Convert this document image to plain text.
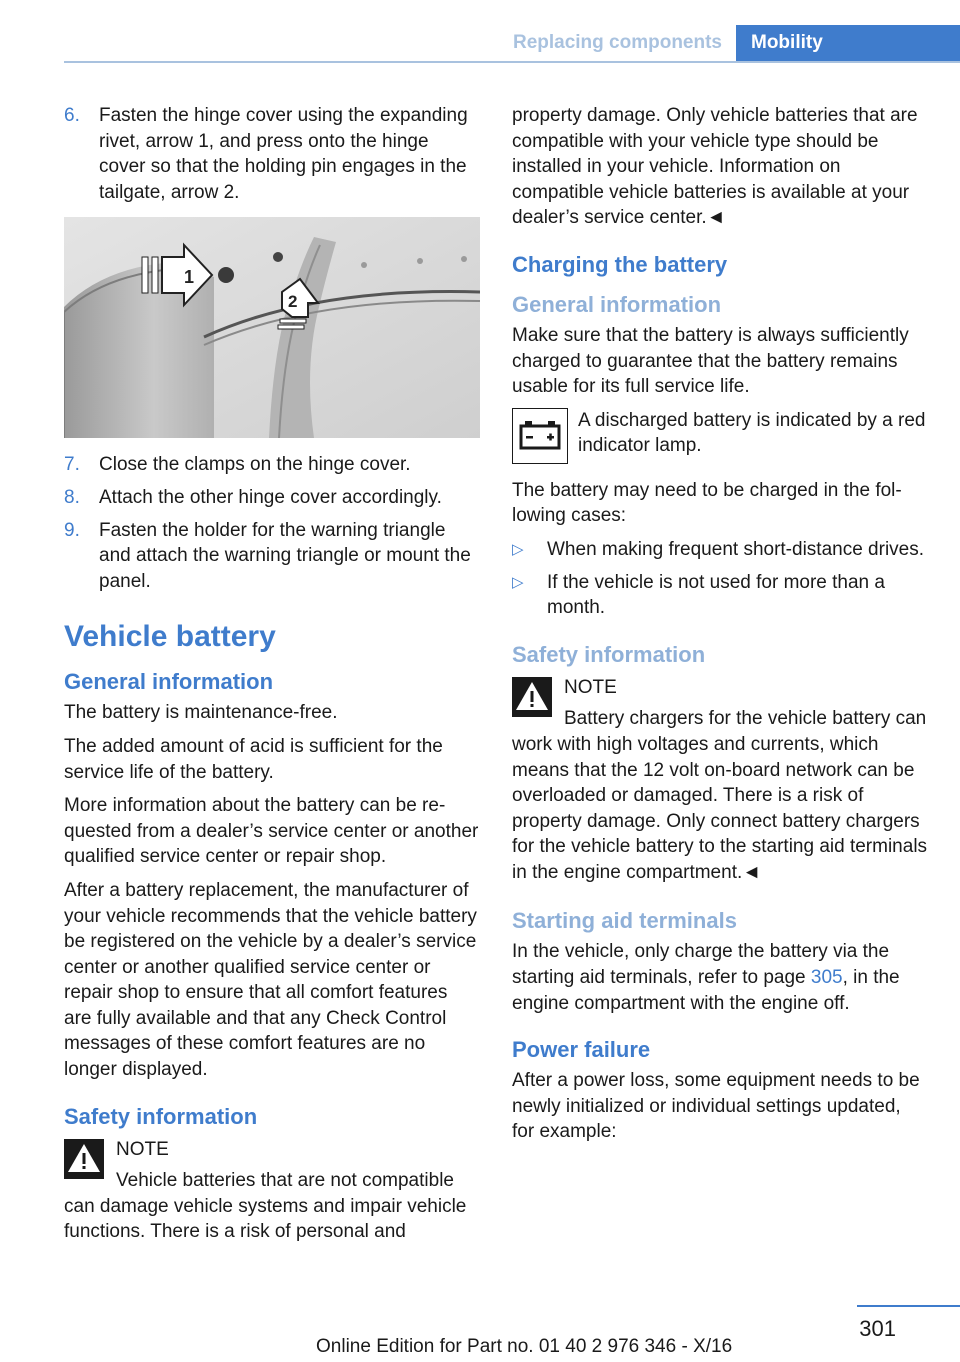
Replacing components	Mobility
6. Fasten the hinge cover using the expanding rivet, arrow 1, and press onto the hinge cover so that the holding pin engages in the tailgate, arrow 2.
1
2
7. Close the clamps on the hinge cover.
8. Attach the other hinge cover accordingly.
9. Fasten the holder for the warning triangle and attach the warning triangle or mount the panel.
Vehicle battery
General information

The battery is maintenance-free.

The added amount of acid is sufficient for the service life of the battery.

More information about the battery can be requested from a dealer’s service center or another qualified service center or repair shop.

After a battery replacement, the manufacturer of your vehicle recommends that the vehicle battery be registered on the vehicle by a dealer’s service center or another qualified service center or repair shop to ensure that all comfort features are fully available and that any Check Control messages of these comfort features are no longer displayed.

Safety information
NOTE
Vehicle batteries that are not compatible can damage vehicle systems and impair vehicle functions. There is a risk of personal and

property damage. Only vehicle batteries that are compatible with your vehicle type should be installed in your vehicle. Information on compatible vehicle batteries is available at your dealer’s service center.◄

Charging the battery
General information

Make sure that the battery is always sufficiently charged to guarantee that the battery remains usable for its full service life.

A discharged battery is indicated by a red indicator lamp.

The battery may need to be charged in the following cases:

▷ When making frequent short-distance drives.
▷ If the vehicle is not used for more than a month.
Safety information
NOTE
Battery chargers for the vehicle battery can work with high voltages and currents, which means that the 12 volt on-board network can be overloaded or damaged. There is a risk of property damage. Only connect battery chargers for the vehicle battery to the starting aid terminals in the engine compartment.◄
Starting aid terminals

In the vehicle, only charge the battery via the starting aid terminals, refer to page 305, in the engine compartment with the engine off.

Power failure

After a power loss, some equipment needs to be newly initialized or individual settings updated, for example:

301
Online Edition for Part no. 01 40 2 976 346 - X/16
